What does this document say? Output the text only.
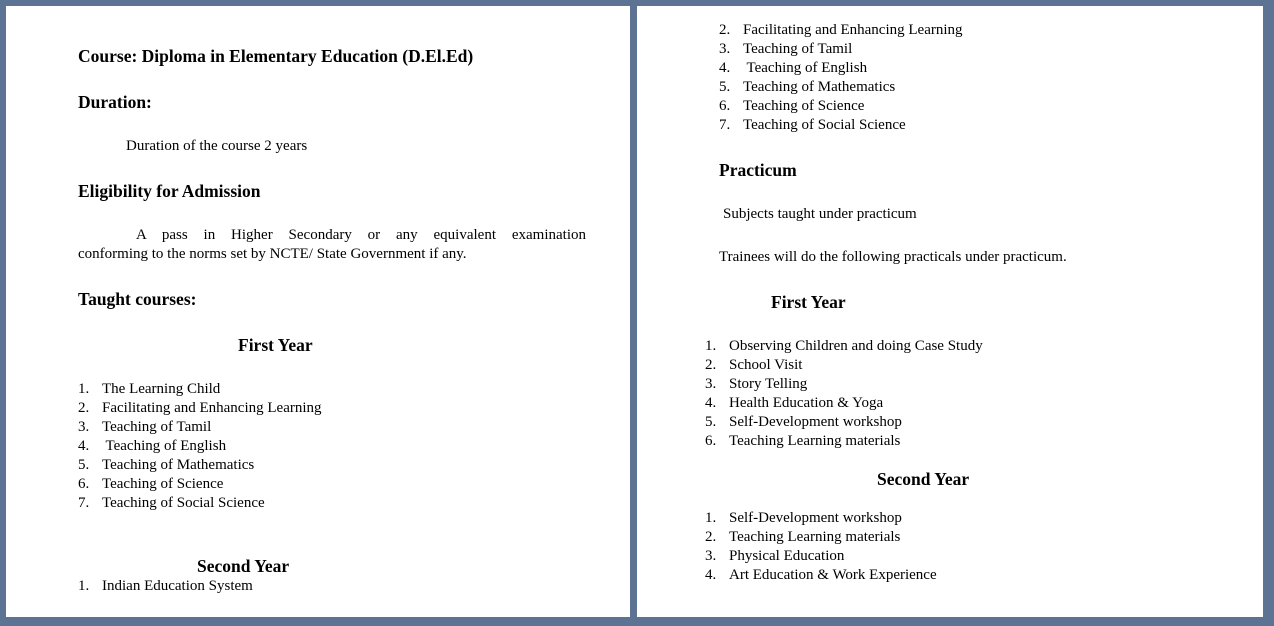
Course: Diploma in Elementary Education (D.El.Ed)
Duration:
Duration of the course 2 years
Eligibility for Admission
A pass in Higher Secondary or any equivalent examination
conforming to the norms set by NCTE/ State Government if any.
Taught courses:
First Year
1. The Learning Child
2. Facilitating and Enhancing Learning
3. Teaching of Tamil
4. Teaching of English
5. Teaching of Mathematics
6. Teaching of Science
7. Teaching of Social Science
Second Year
1. Indian Education System
2. Facilitating and Enhancing Learning
3. Teaching of Tamil
4. Teaching of English
5. Teaching of Mathematics
6. Teaching of Science
7. Teaching of Social Science
Practicum
Subjects taught under practicum
Trainees will do the following practicals under practicum.
First Year
1. Observing Children and doing Case Study
2. School Visit
3. Story Telling
4. Health Education & Yoga
5. Self-Development workshop
6. Teaching Learning materials
Second Year
1. Self-Development workshop
2. Teaching Learning materials
3. Physical Education
4. Art Education & Work Experience
